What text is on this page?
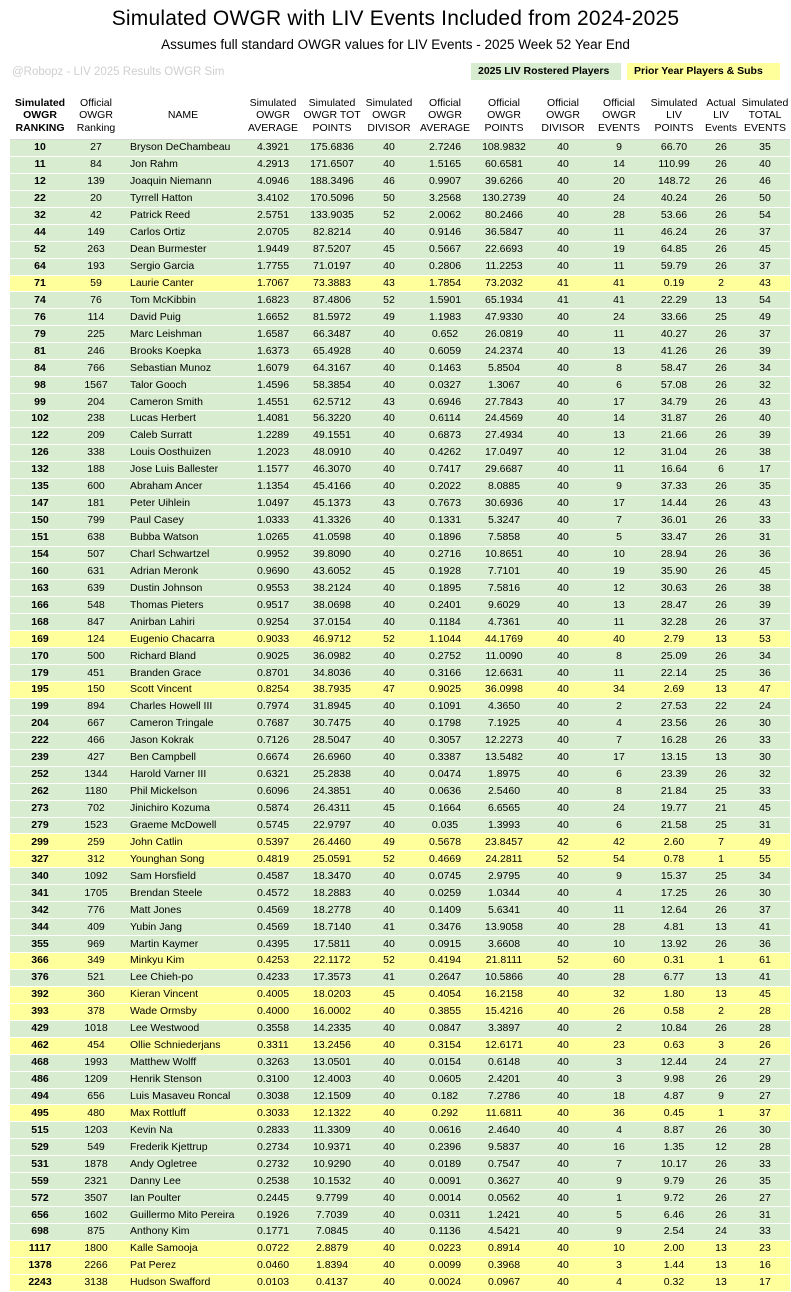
Simulated OWGR with LIV Events Included from 2024-2025
Assumes full standard OWGR values for LIV Events - 2025 Week 52 Year End
@Robopz - LIV 2025 Results OWGR Sim	2025 LIV Rostered Players	Prior Year Players & Subs
Simulated OWGR RANKING	Official OWGR Ranking	NAME	Simulated OWGR AVERAGE	Simulated OWGR TOT POINTS	Simulated OWGR DIVISOR	Official OWGR AVERAGE	Official OWGR POINTS	Official OWGR DIVISOR	Official OWGR EVENTS	Simulated LIV POINTS	Actual LIV Events	Simulated TOTAL EVENTS
10	27	Bryson DeChambeau	4.3921	175.6836	40	2.7246	108.9832	40	9	66.70	26	35
11	84	Jon Rahm	4.2913	171.6507	40	1.5165	60.6581	40	14	110.99	26	40
12	139	Joaquin Niemann	4.0946	188.3496	46	0.9907	39.6266	40	20	148.72	26	46
22	20	Tyrrell Hatton	3.4102	170.5096	50	3.2568	130.2739	40	24	40.24	26	50
32	42	Patrick Reed	2.5751	133.9035	52	2.0062	80.2466	40	28	53.66	26	54
44	149	Carlos Ortiz	2.0705	82.8214	40	0.9146	36.5847	40	11	46.24	26	37
52	263	Dean Burmester	1.9449	87.5207	45	0.5667	22.6693	40	19	64.85	26	45
64	193	Sergio Garcia	1.7755	71.0197	40	0.2806	11.2253	40	11	59.79	26	37
71	59	Laurie Canter	1.7067	73.3883	43	1.7854	73.2032	41	41	0.19	2	43
74	76	Tom McKibbin	1.6823	87.4806	52	1.5901	65.1934	41	41	22.29	13	54
76	114	David Puig	1.6652	81.5972	49	1.1983	47.9330	40	24	33.66	25	49
79	225	Marc Leishman	1.6587	66.3487	40	0.652	26.0819	40	11	40.27	26	37
81	246	Brooks Koepka	1.6373	65.4928	40	0.6059	24.2374	40	13	41.26	26	39
84	766	Sebastian Munoz	1.6079	64.3167	40	0.1463	5.8504	40	8	58.47	26	34
98	1567	Talor Gooch	1.4596	58.3854	40	0.0327	1.3067	40	6	57.08	26	32
99	204	Cameron Smith	1.4551	62.5712	43	0.6946	27.7843	40	17	34.79	26	43
102	238	Lucas Herbert	1.4081	56.3220	40	0.6114	24.4569	40	14	31.87	26	40
122	209	Caleb Surratt	1.2289	49.1551	40	0.6873	27.4934	40	13	21.66	26	39
126	338	Louis Oosthuizen	1.2023	48.0910	40	0.4262	17.0497	40	12	31.04	26	38
132	188	Jose Luis Ballester	1.1577	46.3070	40	0.7417	29.6687	40	11	16.64	6	17
135	600	Abraham Ancer	1.1354	45.4166	40	0.2022	8.0885	40	9	37.33	26	35
147	181	Peter Uihlein	1.0497	45.1373	43	0.7673	30.6936	40	17	14.44	26	43
150	799	Paul Casey	1.0333	41.3326	40	0.1331	5.3247	40	7	36.01	26	33
151	638	Bubba Watson	1.0265	41.0598	40	0.1896	7.5858	40	5	33.47	26	31
154	507	Charl Schwartzel	0.9952	39.8090	40	0.2716	10.8651	40	10	28.94	26	36
160	631	Adrian Meronk	0.9690	43.6052	45	0.1928	7.7101	40	19	35.90	26	45
163	639	Dustin Johnson	0.9553	38.2124	40	0.1895	7.5816	40	12	30.63	26	38
166	548	Thomas Pieters	0.9517	38.0698	40	0.2401	9.6029	40	13	28.47	26	39
168	847	Anirban Lahiri	0.9254	37.0154	40	0.1184	4.7361	40	11	32.28	26	37
169	124	Eugenio Chacarra	0.9033	46.9712	52	1.1044	44.1769	40	40	2.79	13	53
170	500	Richard Bland	0.9025	36.0982	40	0.2752	11.0090	40	8	25.09	26	34
179	451	Branden Grace	0.8701	34.8036	40	0.3166	12.6631	40	11	22.14	25	36
195	150	Scott Vincent	0.8254	38.7935	47	0.9025	36.0998	40	34	2.69	13	47
199	894	Charles Howell III	0.7974	31.8945	40	0.1091	4.3650	40	2	27.53	22	24
204	667	Cameron Tringale	0.7687	30.7475	40	0.1798	7.1925	40	4	23.56	26	30
222	466	Jason Kokrak	0.7126	28.5047	40	0.3057	12.2273	40	7	16.28	26	33
239	427	Ben Campbell	0.6674	26.6960	40	0.3387	13.5482	40	17	13.15	13	30
252	1344	Harold Varner III	0.6321	25.2838	40	0.0474	1.8975	40	6	23.39	26	32
262	1180	Phil Mickelson	0.6096	24.3851	40	0.0636	2.5460	40	8	21.84	25	33
273	702	Jinichiro Kozuma	0.5874	26.4311	45	0.1664	6.6565	40	24	19.77	21	45
279	1523	Graeme McDowell	0.5745	22.9797	40	0.035	1.3993	40	6	21.58	25	31
299	259	John Catlin	0.5397	26.4460	49	0.5678	23.8457	42	42	2.60	7	49
327	312	Younghan Song	0.4819	25.0591	52	0.4669	24.2811	52	54	0.78	1	55
340	1092	Sam Horsfield	0.4587	18.3470	40	0.0745	2.9795	40	9	15.37	25	34
341	1705	Brendan Steele	0.4572	18.2883	40	0.0259	1.0344	40	4	17.25	26	30
342	776	Matt Jones	0.4569	18.2778	40	0.1409	5.6341	40	11	12.64	26	37
344	409	Yubin Jang	0.4569	18.7140	41	0.3476	13.9058	40	28	4.81	13	41
355	969	Martin Kaymer	0.4395	17.5811	40	0.0915	3.6608	40	10	13.92	26	36
366	349	Minkyu Kim	0.4253	22.1172	52	0.4194	21.8111	52	60	0.31	1	61
376	521	Lee Chieh-po	0.4233	17.3573	41	0.2647	10.5866	40	28	6.77	13	41
392	360	Kieran Vincent	0.4005	18.0203	45	0.4054	16.2158	40	32	1.80	13	45
393	378	Wade Ormsby	0.4000	16.0002	40	0.3855	15.4216	40	26	0.58	2	28
429	1018	Lee Westwood	0.3558	14.2335	40	0.0847	3.3897	40	2	10.84	26	28
462	454	Ollie Schniederjans	0.3311	13.2456	40	0.3154	12.6171	40	23	0.63	3	26
468	1993	Matthew Wolff	0.3263	13.0501	40	0.0154	0.6148	40	3	12.44	24	27
486	1209	Henrik Stenson	0.3100	12.4003	40	0.0605	2.4201	40	3	9.98	26	29
494	656	Luis Masaveu Roncal	0.3038	12.1509	40	0.182	7.2786	40	18	4.87	9	27
495	480	Max Rottluff	0.3033	12.1322	40	0.292	11.6811	40	36	0.45	1	37
515	1203	Kevin Na	0.2833	11.3309	40	0.0616	2.4640	40	4	8.87	26	30
529	549	Frederik Kjettrup	0.2734	10.9371	40	0.2396	9.5837	40	16	1.35	12	28
531	1878	Andy Ogletree	0.2732	10.9290	40	0.0189	0.7547	40	7	10.17	26	33
559	2321	Danny Lee	0.2538	10.1532	40	0.0091	0.3627	40	9	9.79	26	35
572	3507	Ian Poulter	0.2445	9.7799	40	0.0014	0.0562	40	1	9.72	26	27
656	1602	Guillermo Mito Pereira	0.1926	7.7039	40	0.0311	1.2421	40	5	6.46	26	31
698	875	Anthony Kim	0.1771	7.0845	40	0.1136	4.5421	40	9	2.54	24	33
1117	1800	Kalle Samooja	0.0722	2.8879	40	0.0223	0.8914	40	10	2.00	13	23
1378	2266	Pat Perez	0.0460	1.8394	40	0.0099	0.3968	40	3	1.44	13	16
2243	3138	Hudson Swafford	0.0103	0.4137	40	0.0024	0.0967	40	4	0.32	13	17
